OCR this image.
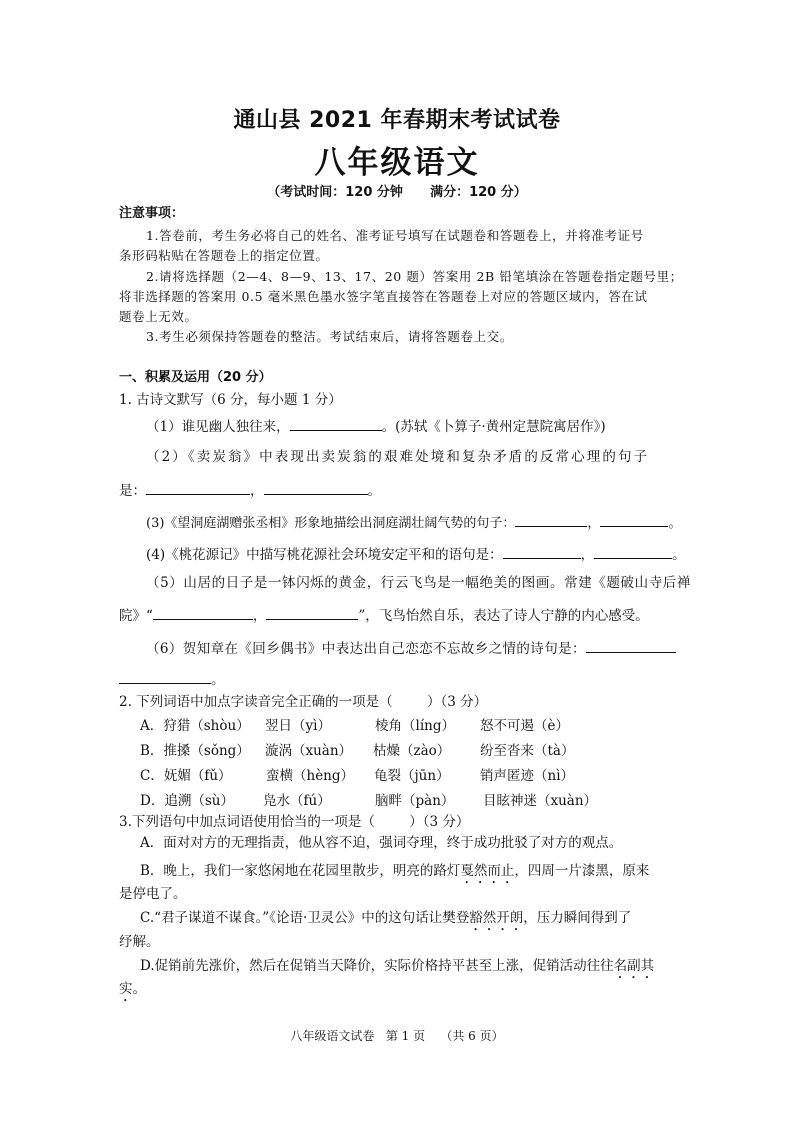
通山县 2021 年春期末考试试卷
八年级语文
（考试时间：120 分钟      满分：120 分）
注意事项：
1.答卷前，考生务必将自己的姓名、准考证号填写在试题卷和答题卷上，并将准考证号
条形码粘贴在答题卷上的指定位置。
2.请将选择题（2—4、8—9、13、17、20 题）答案用 2B 铅笔填涂在答题卷指定题号里；
将非选择题的答案用 0.5 毫米黑色墨水签字笔直接答在答题卷上对应的答题区域内，答在试
题卷上无效。
3.考生必须保持答题卷的整洁。考试结束后，请将答题卷上交。
一、积累及运用（20 分）
1. 古诗文默写（6 分，每小题 1 分）
（1）谁见幽人独往来，	。(苏轼《卜算子·黄州定慧院寓居作》)
（2）《卖炭翁》中表现出卖炭翁的艰难处境和复杂矛盾的反常心理的句子
是：	，	。
(3)《望洞庭湖赠张丞相》形象地描绘出洞庭湖壮阔气势的句子：	，	。
(4)《桃花源记》中描写桃花源社会环境安定平和的语句是：	，	。
（5）山居的日子是一钵闪烁的黄金，行云飞鸟是一幅绝美的图画。常建《题破山寺后禅
院》“	，	”，飞鸟怡然自乐，表达了诗人宁静的内心感受。
（6）贺知章在《回乡偶书》中表达出自己恋恋不忘故乡之情的诗句是：
。
2. 下列词语中加点字读音完全正确的一项是（        ）（3 分）
A．狩猎（shòu） 翌日（yì）	棱角（líng） 怒不可遏（è）
B．推搡（sǒng） 漩涡（xuàn） 枯燥（zào） 纷至沓来（tà）
C．妩媚（fǔ）	蛮横（hèng） 龟裂（jūn） 销声匿迹（nì）
D．追溯（sù） 凫水（fú）	脑畔（pàn） 目眩神迷（xuàn）
3.下列语句中加点词语使用恰当的一项是（        ）（3 分）
A．面对对方的无理指责，他从容不迫，强词夺理，终于成功批驳了对方的观点。
B．晚上，我们一家悠闲地在花园里散步，明亮的路灯戛然而止，四周一片漆黑，原来
是停电了。
C.“君子谋道不谋食。”《论语·卫灵公》中的这句话让樊登豁然开朗，压力瞬间得到了
纾解。
D.促销前先涨价，然后在促销当天降价，实际价格持平甚至上涨，促销活动往往名副其
实。
八年级语文试卷   第 1 页    （共 6 页）
